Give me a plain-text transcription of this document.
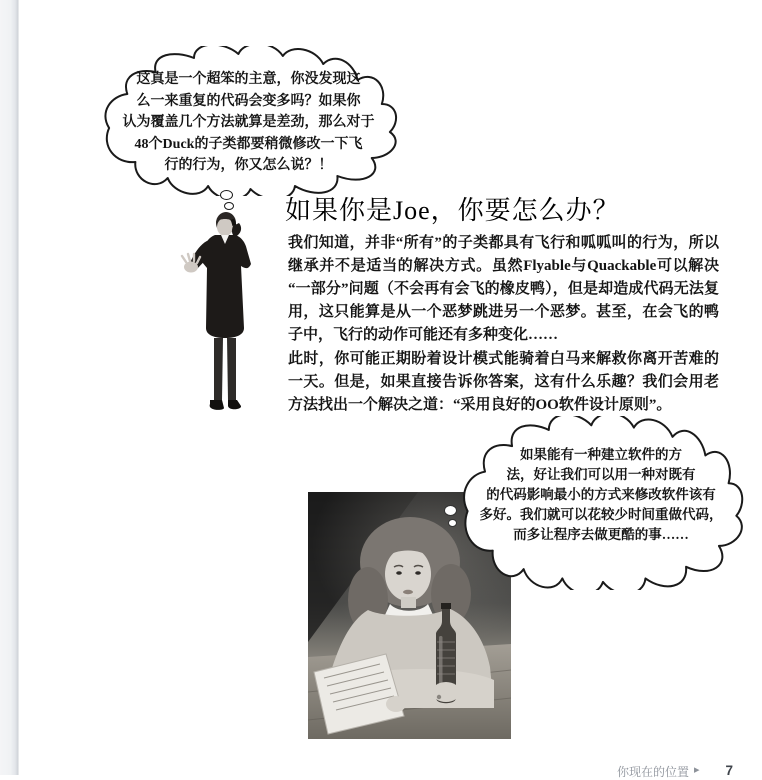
这真是一个超笨的主意，你没发现这
么一来重复的代码会变多吗？如果你
认为覆盖几个方法就算是差劲，那么对于
48个Duck的子类都要稍微修改一下飞
行的行为，你又怎么说？！
如果你是Joe，你要怎么办？

我们知道，并非“所有”的子类都具有飞行和呱呱叫的行为，所以继承并不是适当的解决方式。虽然Flyable与Quackable可以解决“一部分”问题（不会再有会飞的橡皮鸭），但是却造成代码无法复用，这只能算是从一个恶梦跳进另一个恶梦。甚至，在会飞的鸭子中，飞行的动作可能还有多种变化……

此时，你可能正期盼着设计模式能骑着白马来解救你离开苦难的一天。但是，如果直接告诉你答案，这有什么乐趣？我们会用老方法找出一个解决之道：“采用良好的OO软件设计原则”。

如果能有一种建立软件的方
法，好让我们可以用一种对既有
的代码影响最小的方式来修改软件该有
多好。我们就可以花较少时间重做代码，
而多让程序去做更酷的事……
你现在的位置 ▸ 7
